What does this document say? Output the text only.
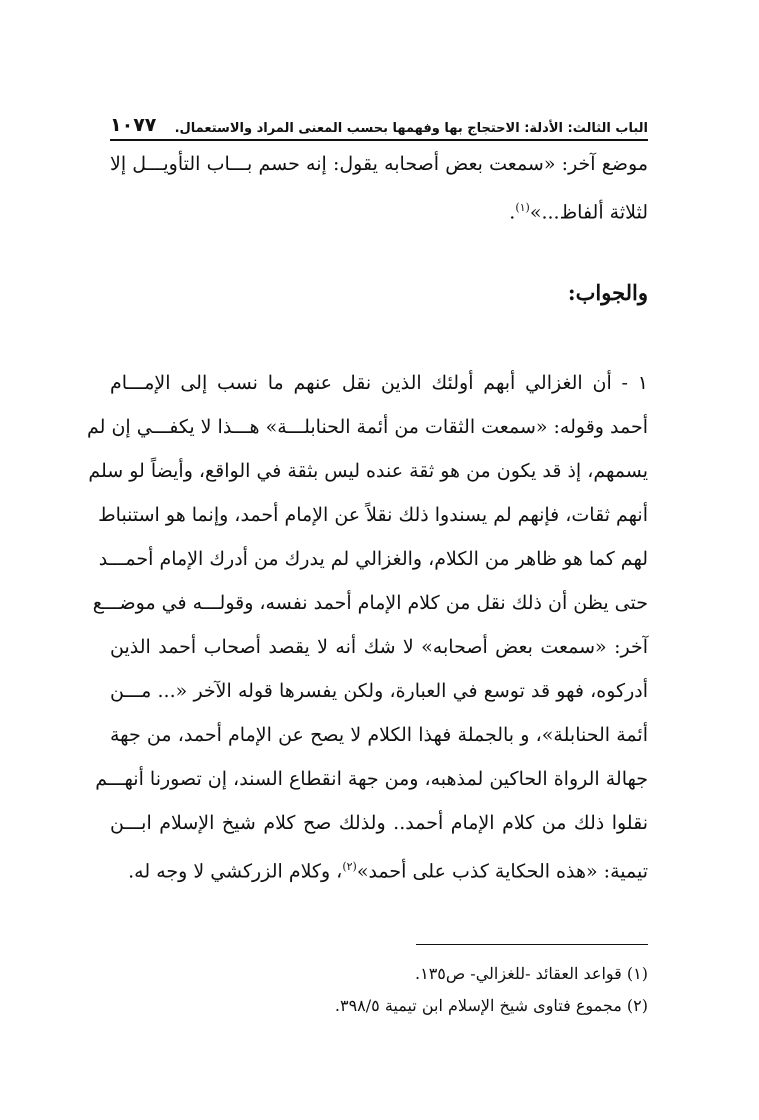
الباب الثالث: الأدلة: الاحتجاج بها وفهمها بحسب المعنى المراد والاستعمال.
١٠٧٧
موضع آخر: «سمعت بعض أصحابه يقول: إنه حسم بـــاب التأويـــل إلا
لثلاثة ألفاظ...»$^{(١)}$.
والجواب:
١ - أن الغزالي أبهم أولئك الذين نقل عنهم ما نسب إلى الإمـــام
أحمد وقوله: «سمعت الثقات من أئمة الحنابلـــة» هـــذا لا يكفـــي إن لم
يسمهم، إذ قد يكون من هو ثقة عنده ليس بثقة في الواقع، وأيضاً لو سلم
أنهم ثقات، فإنهم لم يسندوا ذلك نقلاً عن الإمام أحمد، وإنما هو استنباط
لهم كما هو ظاهر من الكلام، والغزالي لم يدرك من أدرك الإمام أحمـــد
حتى يظن أن ذلك نقل من كلام الإمام أحمد نفسه، وقولـــه في موضـــع
آخر: «سمعت بعض أصحابه» لا شك أنه لا يقصد أصحاب أحمد الذين
أدركوه، فهو قد توسع في العبارة، ولكن يفسرها قوله الآخر «... مـــن
أئمة الحنابلة»، و بالجملة فهذا الكلام لا يصح عن الإمام أحمد، من جهة
جهالة الرواة الحاكين لمذهبه، ومن جهة انقطاع السند، إن تصورنا أنهـــم
نقلوا ذلك من كلام الإمام أحمد.. ولذلك صح كلام شيخ الإسلام ابـــن
تيمية: «هذه الحكاية كذب على أحمد»$^{(٢)}$، وكلام الزركشي لا وجه له.
(١) قواعد العقائد -للغزالي- ص١٣٥.
(٢) مجموع فتاوى شيخ الإسلام ابن تيمية ٣٩٨/٥.
